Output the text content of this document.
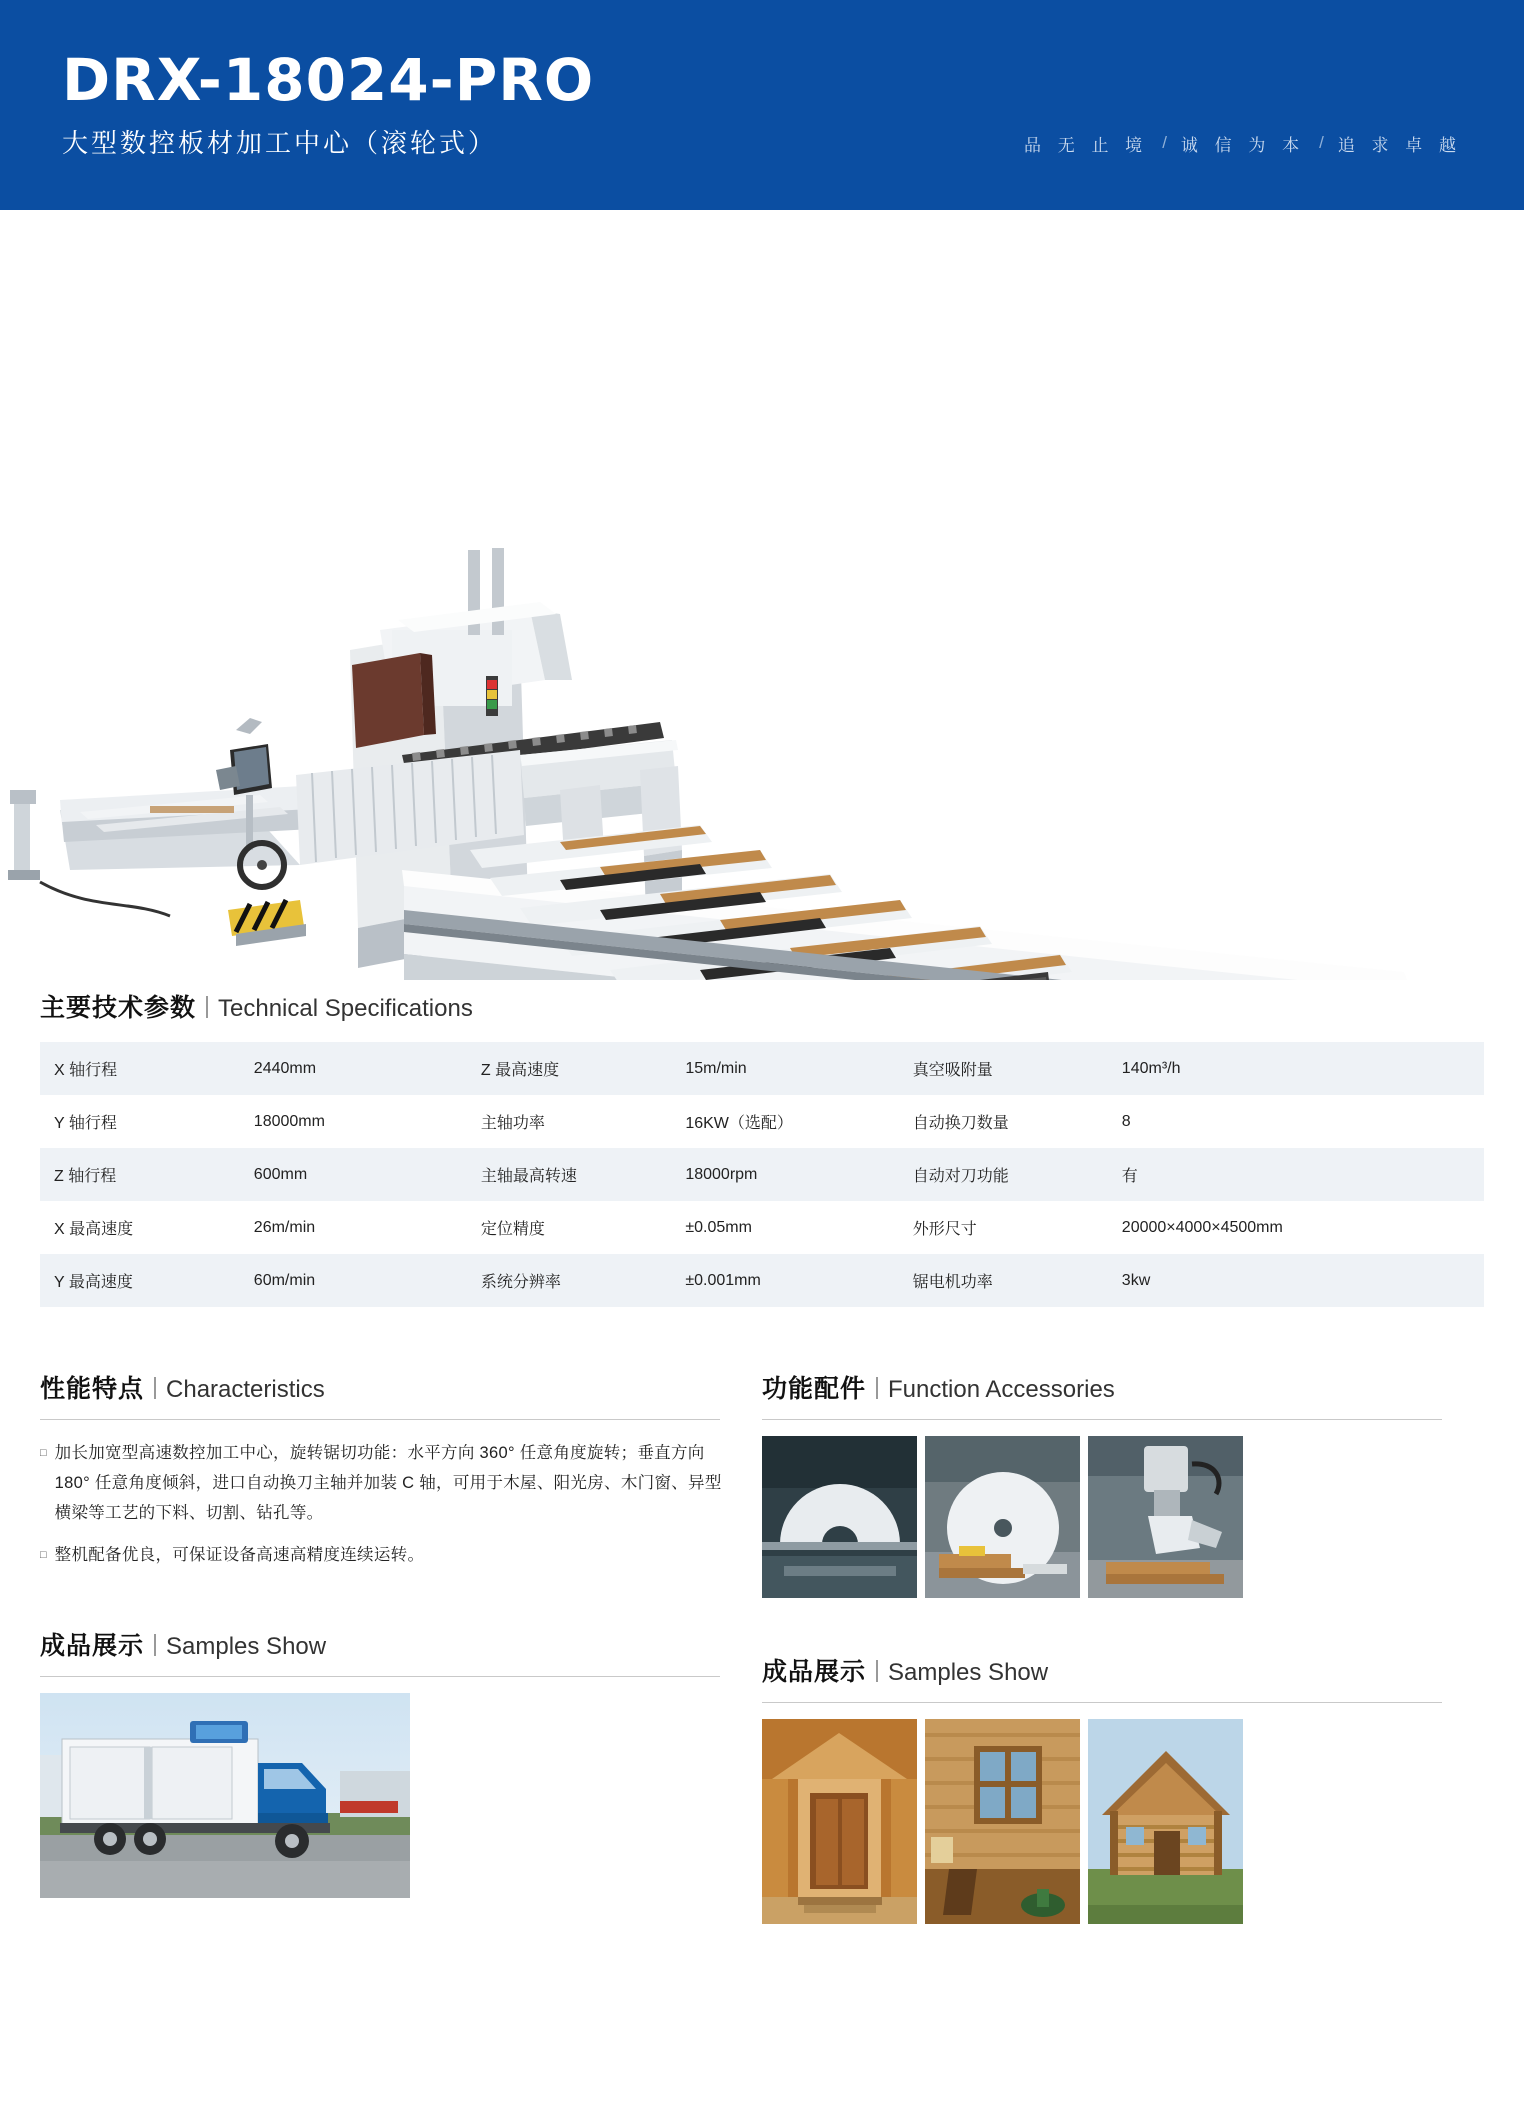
DRX-18024-PRO
大型数控板材加工中心（滚轮式）	品 无 止 境 / 诚 信 为 本 / 追 求 卓 越
主要技术参数 Technical Specifications
X 轴行程	2440mm	Z 最高速度	15m/min	真空吸附量	140m³/h
Y 轴行程	18000mm	主轴功率	16KW（选配）	自动换刀数量	8
Z 轴行程	600mm	主轴最高转速	18000rpm	自动对刀功能	有
X 最高速度	26m/min	定位精度	±0.05mm	外形尺寸	20000×4000×4500mm
Y 最高速度	60m/min	系统分辨率	±0.001mm	锯电机功率	3kw
性能特点 Characteristics
□ 加长加宽型高速数控加工中心，旋转锯切功能：水平方向 360° 任意角度旋转；垂直方向 180° 任意角度倾斜，进口自动换刀主轴并加装 C 轴，可用于木屋、阳光房、木门窗、异型横梁等工艺的下料、切割、钻孔等。
□ 整机配备优良，可保证设备高速高精度连续运转。
成品展示 Samples Show
功能配件 Function Accessories
成品展示 Samples Show
